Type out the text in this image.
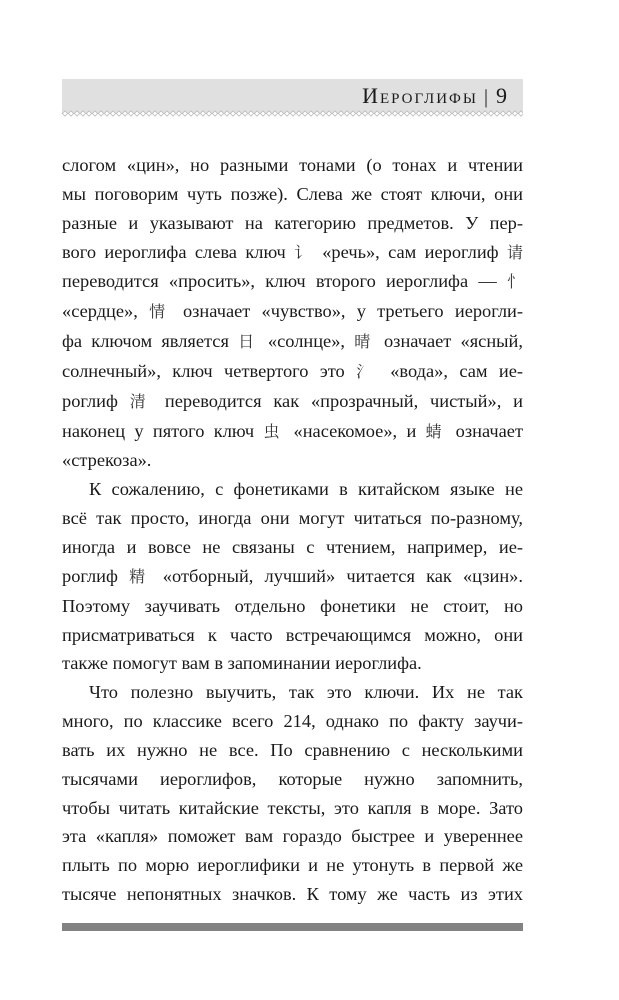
Иероглифы | 9

слогом «цин», но разными тонами (о тонах и чтении
мы поговорим чуть позже). Слева же стоят ключи, они
разные и указывают на категорию предметов. У пер-
вого иероглифа слева ключ 讠 «речь», сам иероглиф 请
переводится «просить», ключ второго иероглифа — 忄
«сердце», 情 означает «чувство», у третьего иерогли-
фа ключом является 日 «солнце», 晴 означает «ясный,
солнечный», ключ четвертого это 氵 «вода», сам ие-
роглиф 清 переводится как «прозрачный, чистый», и
наконец у пятого ключ 虫 «насекомое», и 蜻 означает
«стрекоза».

К сожалению, с фонетиками в китайском языке не
всё так просто, иногда они могут читаться по-разному,
иногда и вовсе не связаны с чтением, например, ие-
роглиф 精 «отборный, лучший» читается как «цзин».
Поэтому заучивать отдельно фонетики не стоит, но
присматриваться к часто встречающимся можно, они
также помогут вам в запоминании иероглифа.

Что полезно выучить, так это ключи. Их не так
много, по классике всего 214, однако по факту заучи-
вать их нужно не все. По сравнению с несколькими
тысячами иероглифов, которые нужно запомнить,
чтобы читать китайские тексты, это капля в море. Зато
эта «капля» поможет вам гораздо быстрее и увереннее
плыть по морю иероглифики и не утонуть в первой же
тысяче непонятных значков. К тому же часть из этих
